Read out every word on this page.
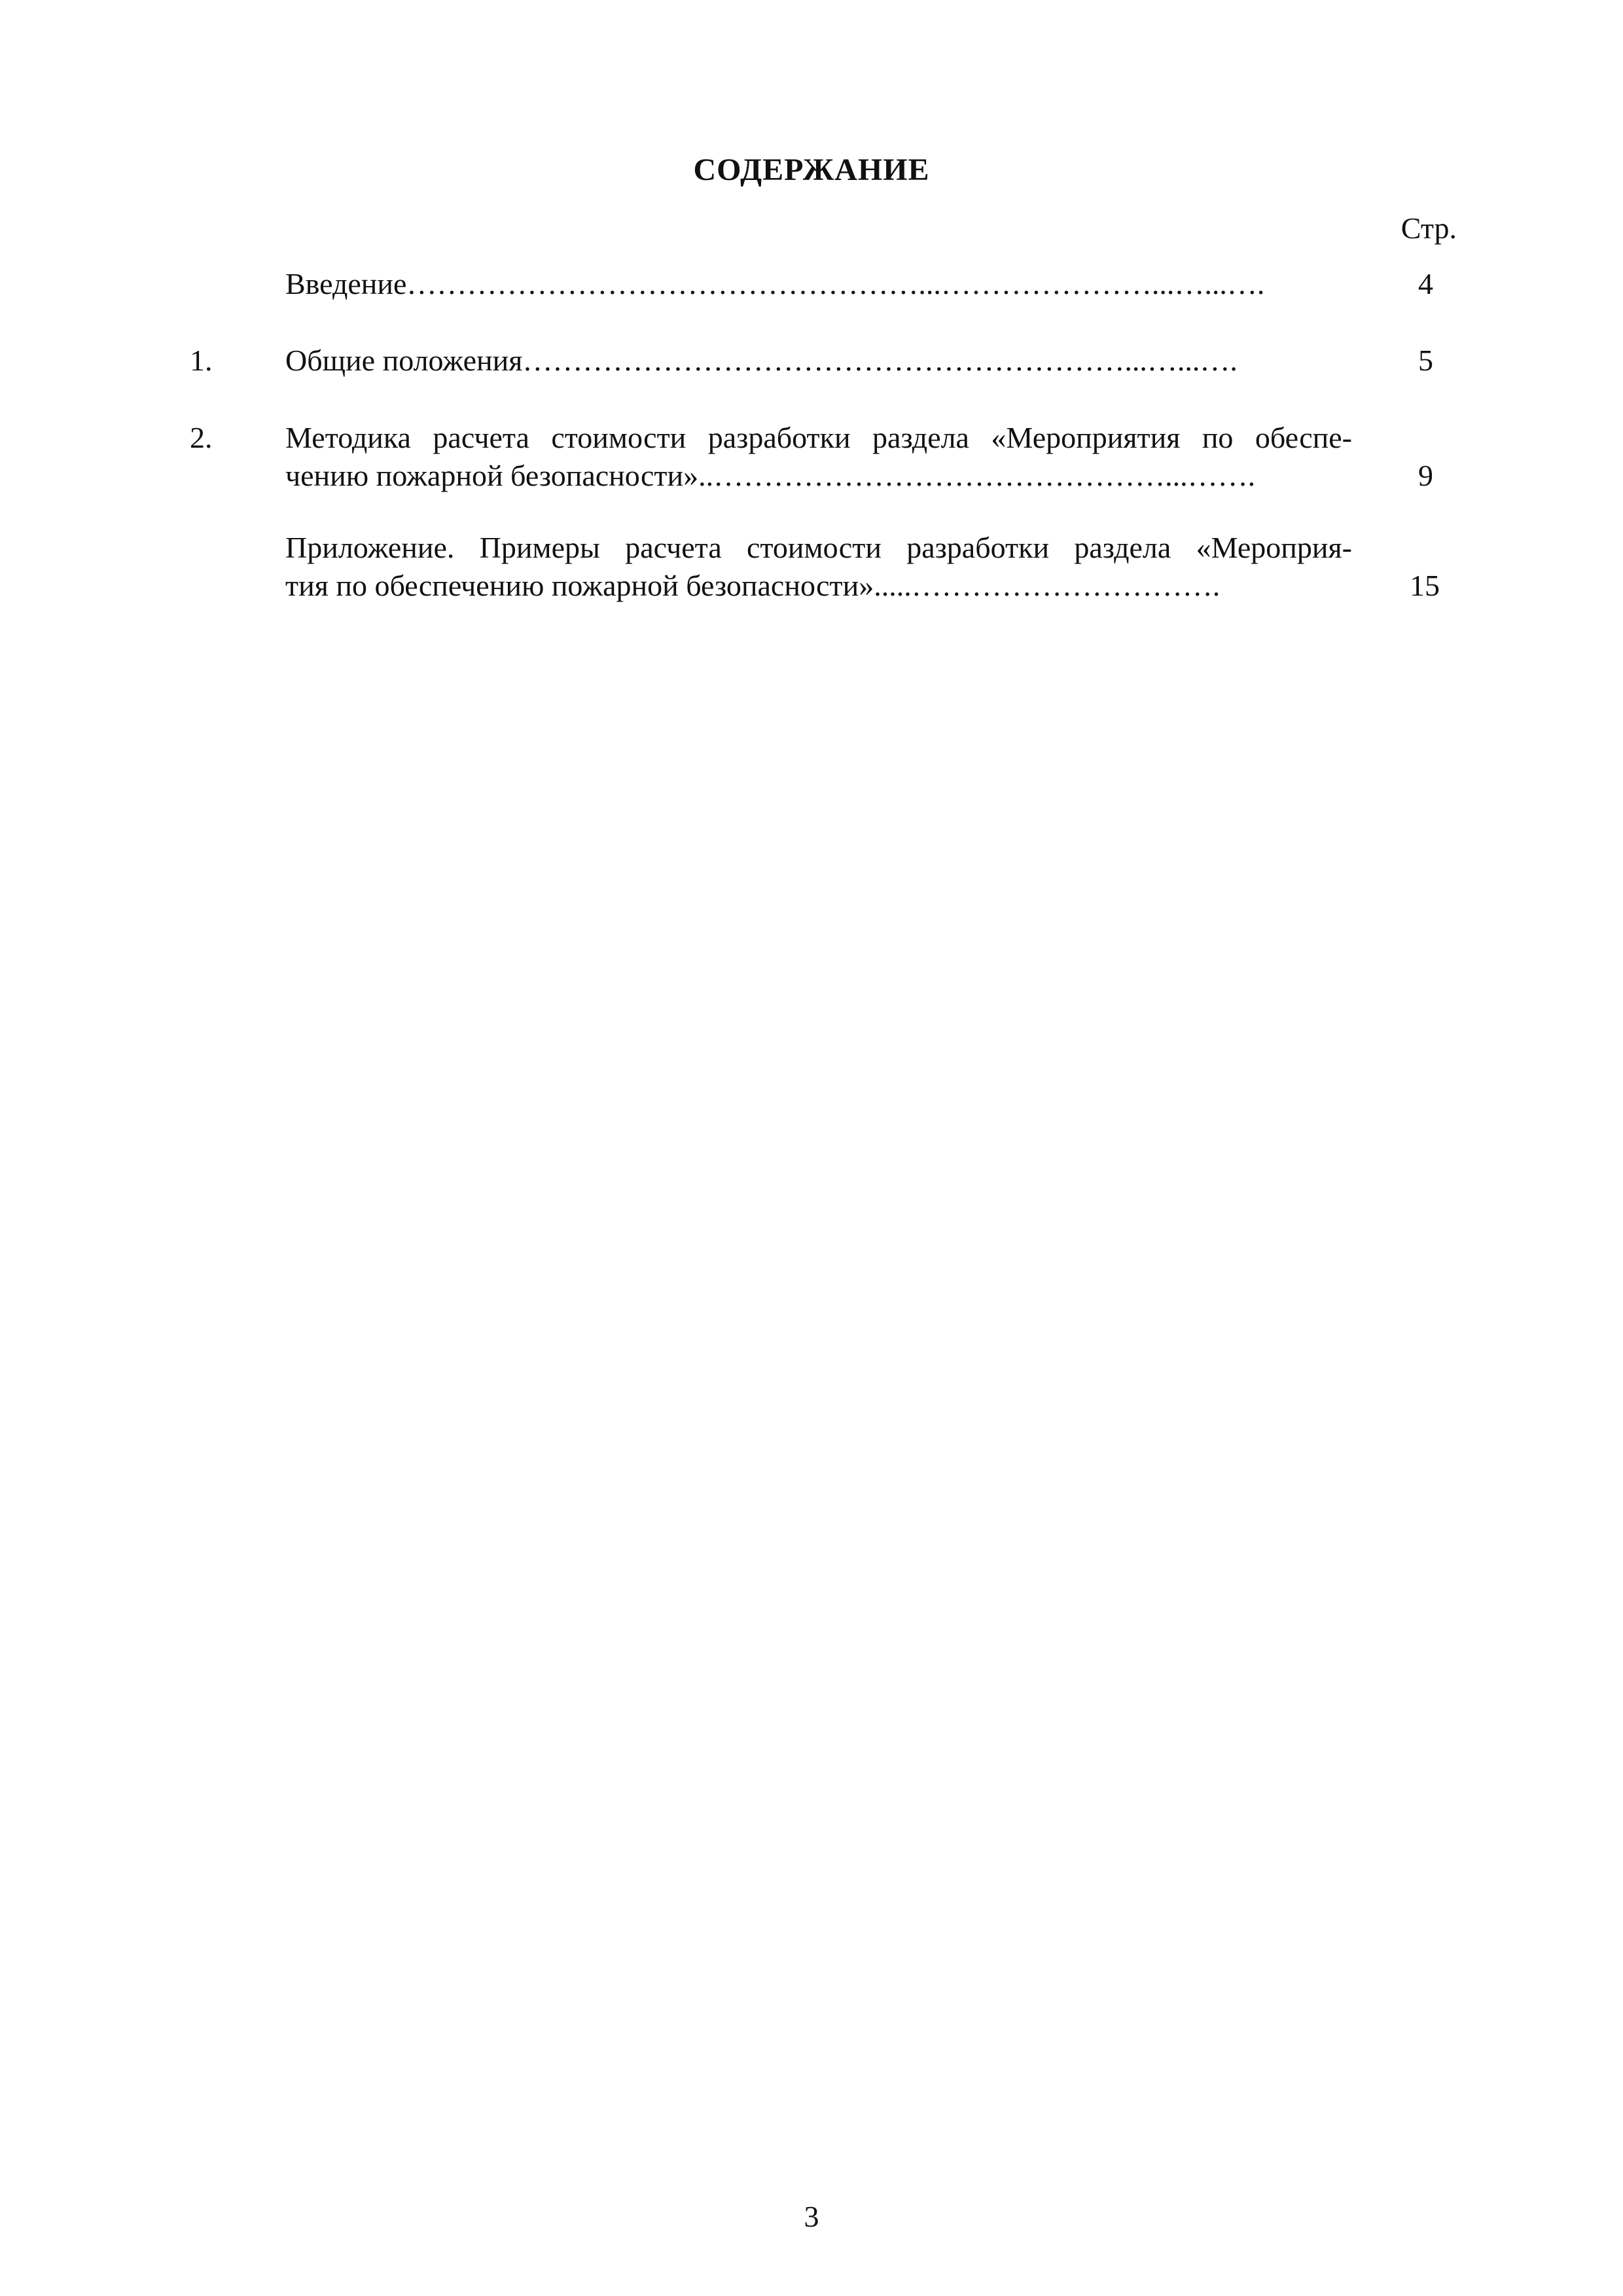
СОДЕРЖАНИЕ
Стр.
Введение……………………………………………...…………………...…...….	4
1. Общие положения……………………………………………………...…...….	5
2. Методика расчета стоимости разработки раздела «Мероприятия по обеспе-
чению пожарной безопасности»..………………………………………...…….	9
Приложение. Примеры расчета стоимости разработки раздела «Мероприя-
тия по обеспечению пожарной безопасности».....………………………….	15
3
